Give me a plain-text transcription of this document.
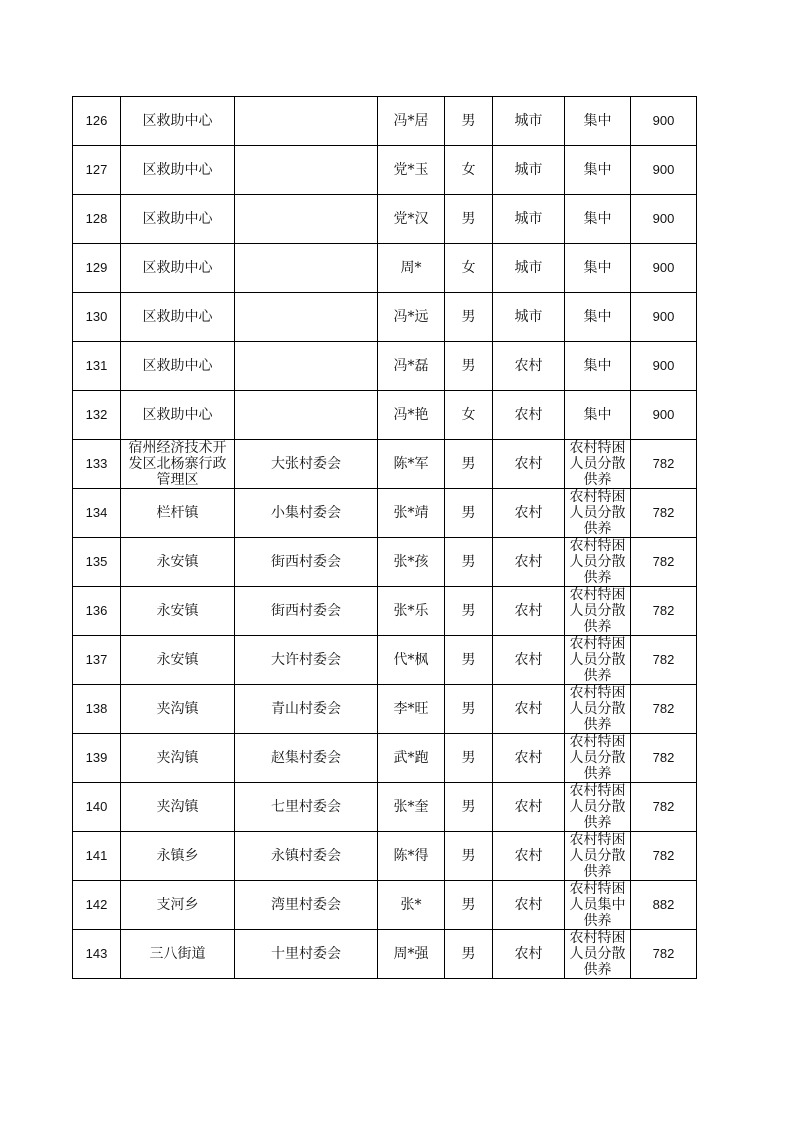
126	区救助中心		冯*居	男	城市	集中	900
127	区救助中心		党*玉	女	城市	集中	900
128	区救助中心		党*汉	男	城市	集中	900
129	区救助中心		周*	女	城市	集中	900
130	区救助中心		冯*远	男	城市	集中	900
131	区救助中心		冯*磊	男	农村	集中	900
132	区救助中心		冯*艳	女	农村	集中	900
133	宿州经济技术开发区北杨寨行政管理区	大张村委会	陈*军	男	农村	农村特困人员分散供养	782
134	栏杆镇	小集村委会	张*靖	男	农村	农村特困人员分散供养	782
135	永安镇	街西村委会	张*孩	男	农村	农村特困人员分散供养	782
136	永安镇	街西村委会	张*乐	男	农村	农村特困人员分散供养	782
137	永安镇	大许村委会	代*枫	男	农村	农村特困人员分散供养	782
138	夹沟镇	青山村委会	李*旺	男	农村	农村特困人员分散供养	782
139	夹沟镇	赵集村委会	武*跑	男	农村	农村特困人员分散供养	782
140	夹沟镇	七里村委会	张*奎	男	农村	农村特困人员分散供养	782
141	永镇乡	永镇村委会	陈*得	男	农村	农村特困人员分散供养	782
142	支河乡	湾里村委会	张*	男	农村	农村特困人员集中供养	882
143	三八街道	十里村委会	周*强	男	农村	农村特困人员分散供养	782
